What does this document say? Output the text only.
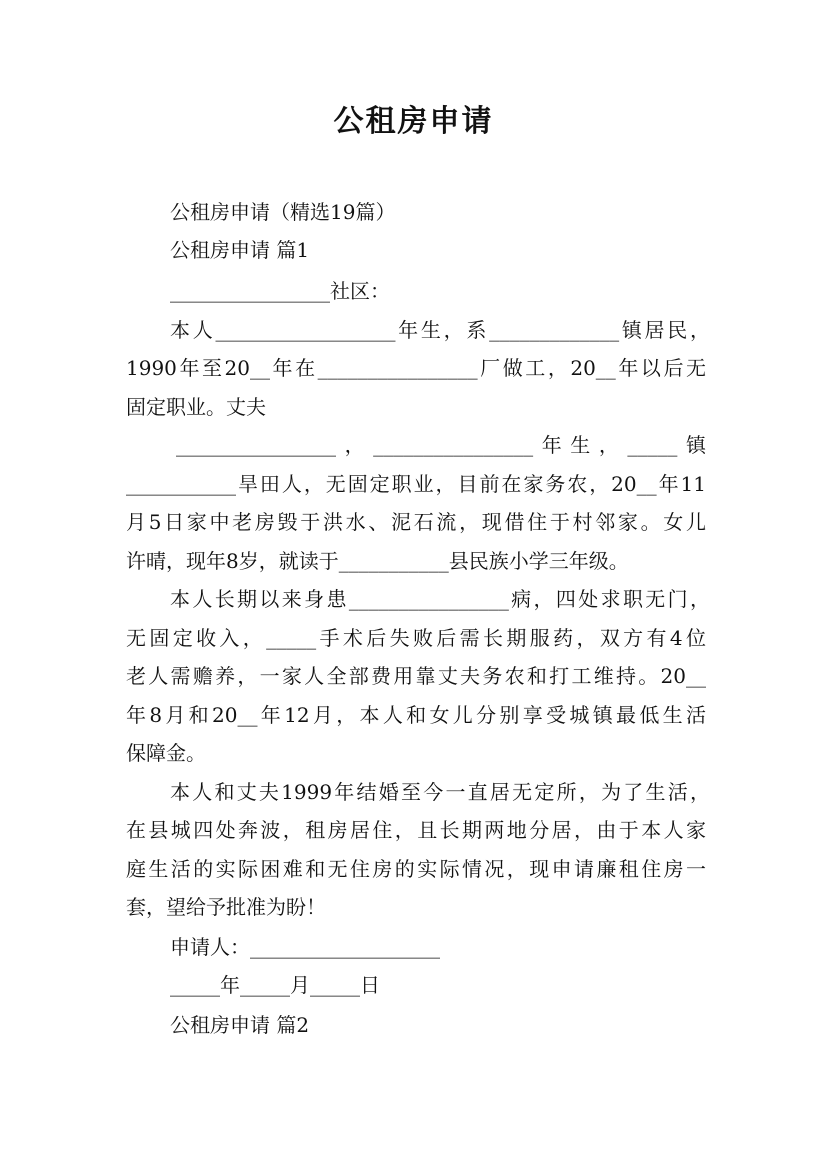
公租房申请
公租房申请（精选19篇）
公租房申请 篇1
________________社区：
本人__________________年生，系_____________镇居民，
1990年至20__年在________________厂做工，20__年以后无
固定职业。丈夫
________________，________________年生，_____镇
___________旱田人，无固定职业，目前在家务农，20__年11
月5日家中老房毁于洪水、泥石流，现借住于村邻家。女儿
许晴，现年8岁，就读于___________县民族小学三年级。
本人长期以来身患________________病，四处求职无门，
无固定收入，_____手术后失败后需长期服药，双方有4位
老人需赡养，一家人全部费用靠丈夫务农和打工维持。20__
年8月和20__年12月，本人和女儿分别享受城镇最低生活
保障金。
本人和丈夫1999年结婚至今一直居无定所，为了生活，
在县城四处奔波，租房居住，且长期两地分居，由于本人家
庭生活的实际困难和无住房的实际情况，现申请廉租住房一
套，望给予批准为盼！
申请人：___________________
_____年_____月_____日
公租房申请 篇2
